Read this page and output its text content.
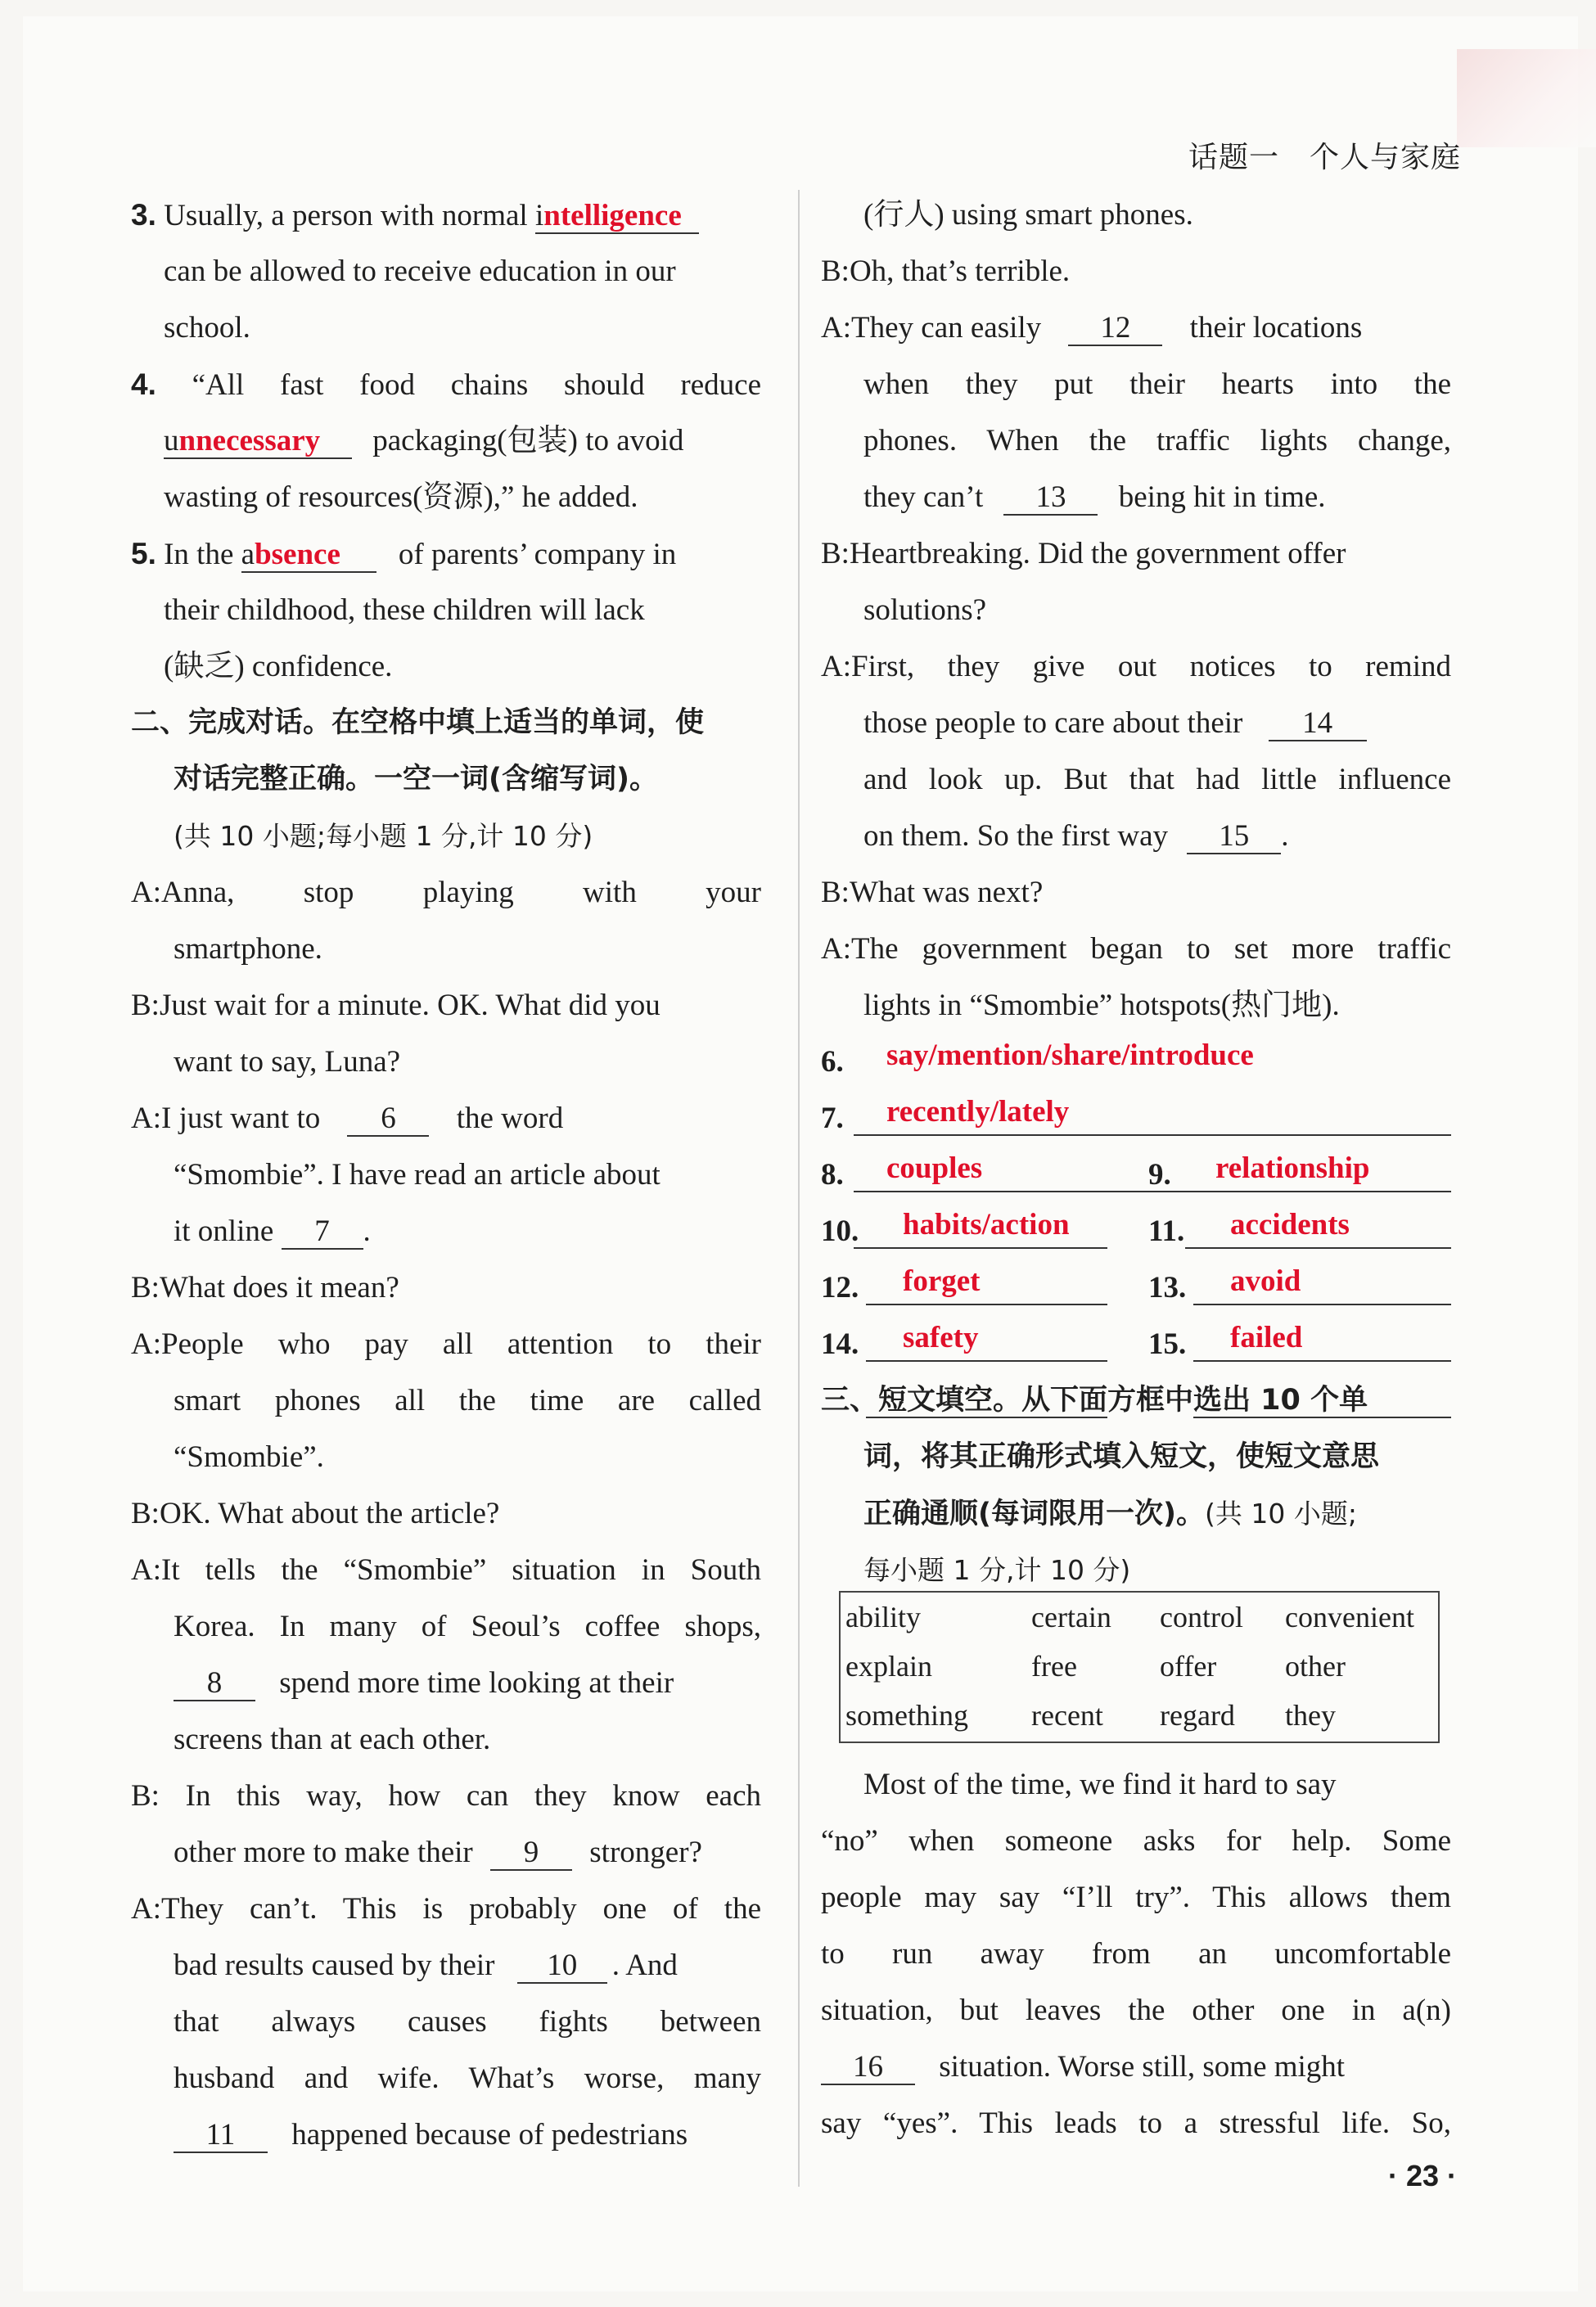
话题一　个人与家庭
3. Usually, a person with normal intelligence
can be allowed to receive education in our
school.
4. “All fast food chains should reduce
unnecessary packaging(包装) to avoid
wasting of resources(资源),” he added.
5. In the absence of parents’ company in
their childhood, these children will lack
(缺乏) confidence.
二、完成对话。在空格中填上适当的单词，使
对话完整正确。一空一词(含缩写词)。
(共 10 小题;每小题 1 分,计 10 分)
A:Anna, stop playing with your
smartphone.
B:Just wait for a minute. OK. What did you
want to say, Luna?
A:I just want to 6 the word
“Smombie”. I have read an article about
it online 7 .
B:What does it mean?
A:People who pay all attention to their
smart phones all the time are called
“Smombie”.
B:OK. What about the article?
A:It tells the “Smombie” situation in South
Korea. In many of Seoul’s coffee shops,
8 spend more time looking at their
screens than at each other.
B: In this way, how can they know each
other more to make their 9 stronger?
A:They can’t. This is probably one of the
bad results caused by their 10 . And
that always causes fights between
husband and wife. What’s worse, many
11 happened because of pedestrians
(行人) using smart phones.
B:Oh, that’s terrible.
A:They can easily 12 their locations
when they put their hearts into the
phones. When the traffic lights change,
they can’t 13 being hit in time.
B:Heartbreaking. Did the government offer
solutions?
A:First, they give out notices to remind
those people to care about their 14
and look up. But that had little influence
on them. So the first way 15 .
B:What was next?
A:The government began to set more traffic
lights in “Smombie” hotspots(热门地).
6. say/mention/share/introduce
7. recently/lately
8. couples	9. relationship
10. habits/action	11. accidents
12. forget	13. avoid
14. safety	15. failed
三、短文填空。从下面方框中选出 10 个单
词，将其正确形式填入短文，使短文意思
正确通顺(每词限用一次)。(共 10 小题;
每小题 1 分,计 10 分)
ability	certain control convenient
explain	free	offer other
something recent regard they
Most of the time, we find it hard to say
“no” when someone asks for help. Some
people may say “I’ll try”. This allows them
to run away from an uncomfortable
situation, but leaves the other one in a(n)
16 situation. Worse still, some might
say “yes”. This leads to a stressful life. So,
· 23 ·
